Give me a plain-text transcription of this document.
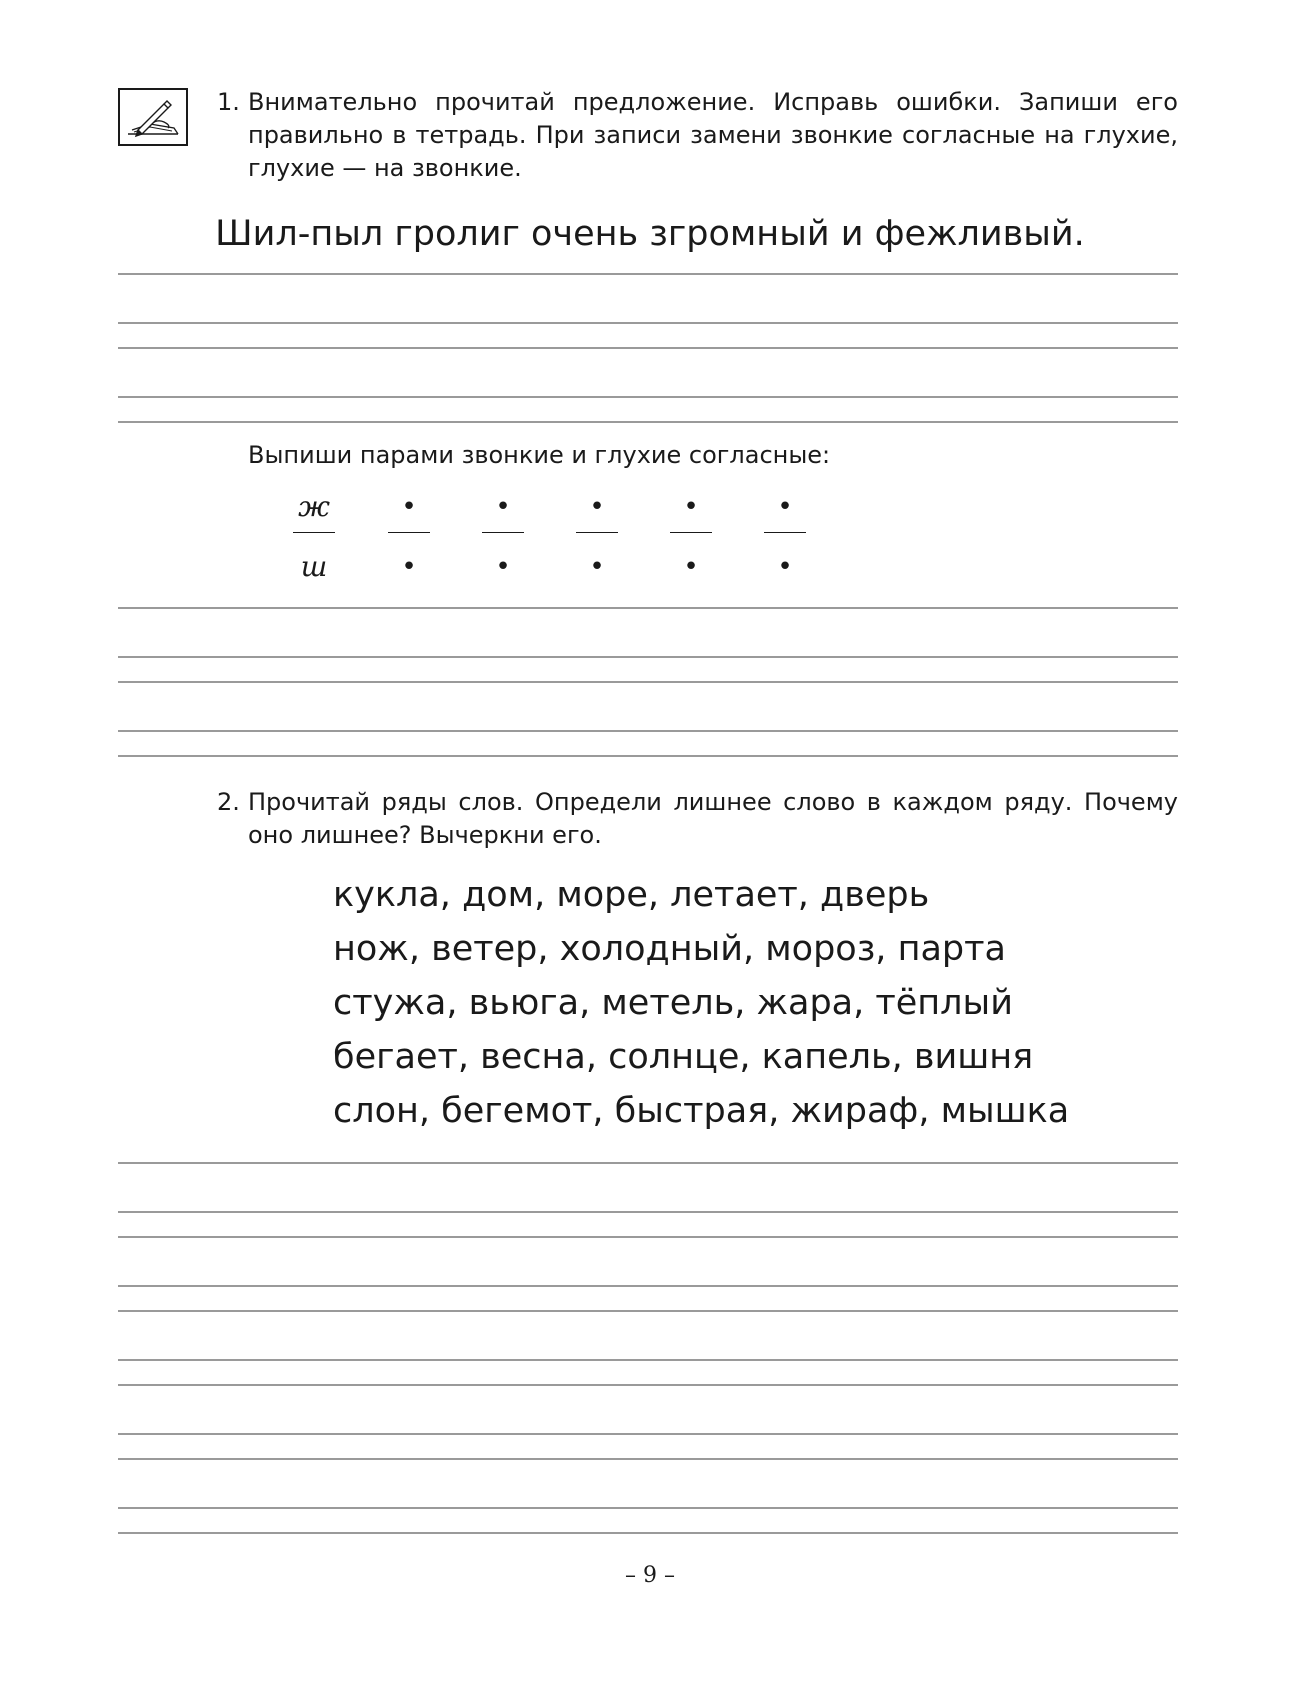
1. Внимательно прочитай предложение. Исправь ошибки. Запиши его правильно в тетрадь. При записи замени звонкие согласные на глухие, глухие — на звонкие.

Шил-пыл гролиг очень згромный и фежливый.
Выпиши парами звонкие и глухие согласные:
ж
ш
•
•
•
•
•
•
•
•
•
•
2. Прочитай ряды слов. Определи лишнее слово в каждом ряду. Почему оно лишнее? Вычеркни его.

кукла, дом, море, летает, дверь
нож, ветер, холодный, мороз, парта
стужа, вьюга, метель, жара, тёплый
бегает, весна, солнце, капель, вишня
слон, бегемот, быстрая, жираф, мышка
– 9 –
